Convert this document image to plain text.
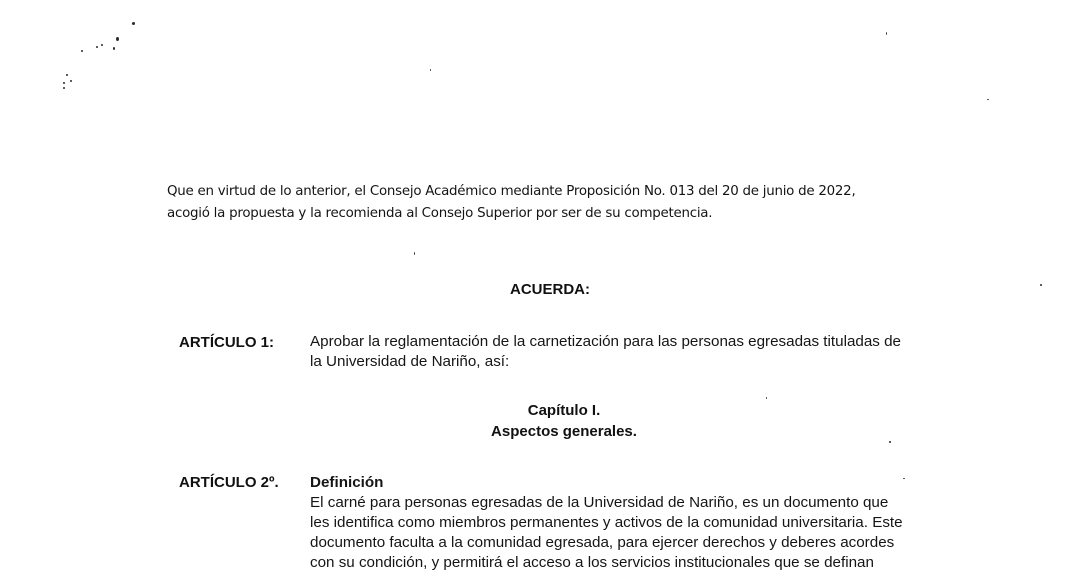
Que en virtud de lo anterior, el Consejo Académico mediante Proposición No. 013 del 20 de junio de 2022,

acogió la propuesta y la recomienda al Consejo Superior por ser de su competencia.

ACUERDA:
ARTÍCULO 1: Aprobar la reglamentación de la carnetización para las personas egresadas tituladas de
la Universidad de Nariño, así:
Capítulo I.
Aspectos generales.
ARTÍCULO 2º. Definición
El carné para personas egresadas de la Universidad de Nariño, es un documento que
les identifica como miembros permanentes y activos de la comunidad universitaria. Este
documento faculta a la comunidad egresada, para ejercer derechos y deberes acordes
con su condición, y permitirá el acceso a los servicios institucionales que se definan
